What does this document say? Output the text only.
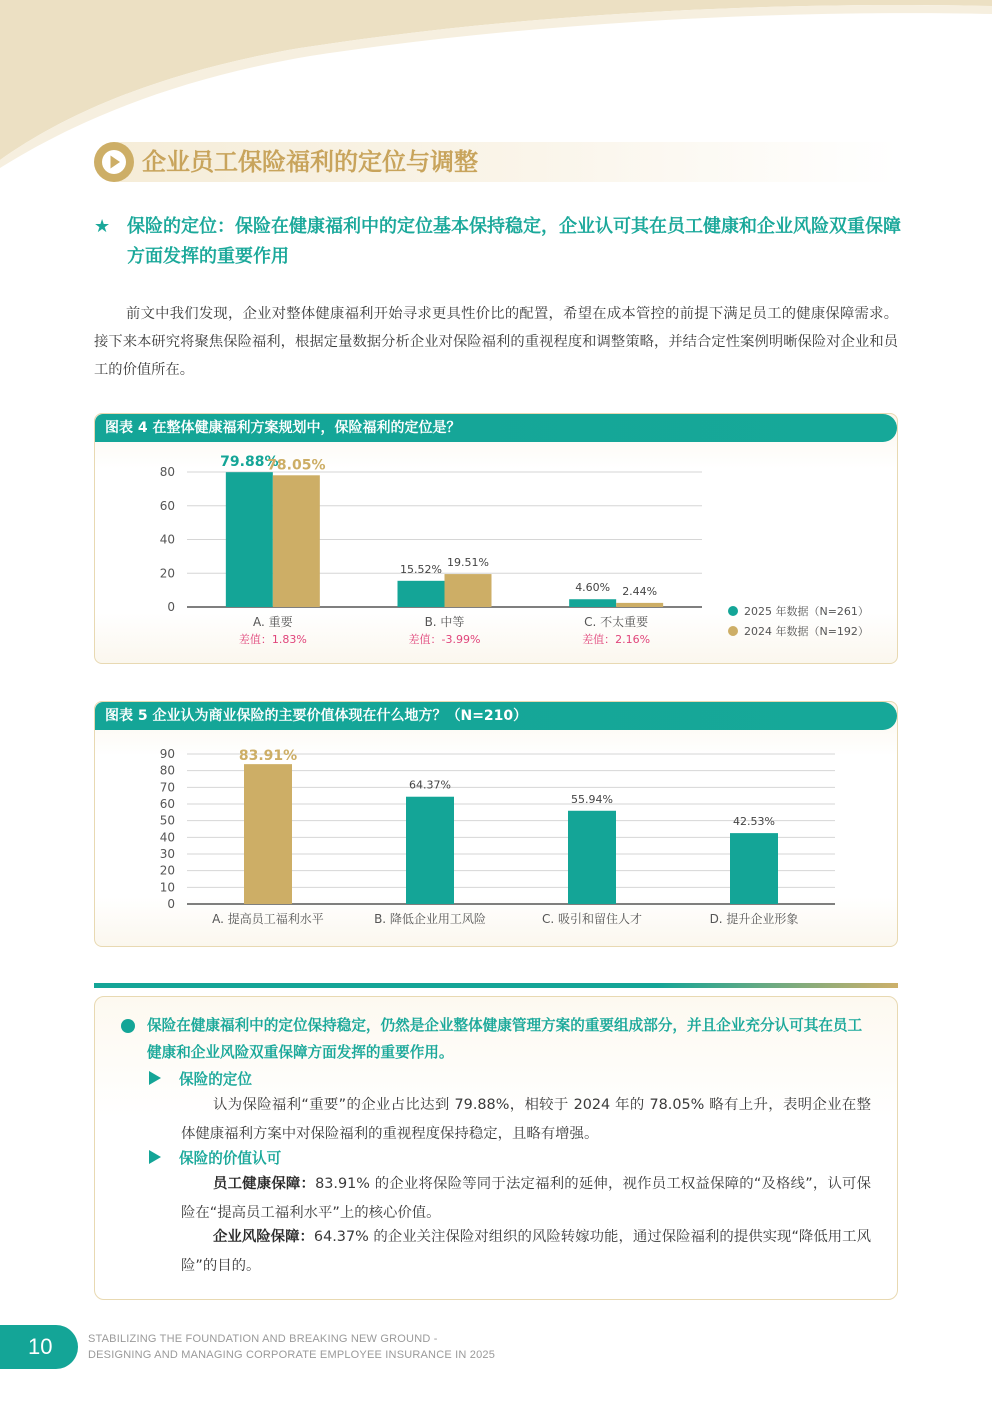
企业员工保险福利的定位与调整
★ 保险的定位：保险在健康福利中的定位基本保持稳定，企业认可其在员工健康和企业风险双重保障方面发挥的重要作用
前文中我们发现，企业对整体健康福利开始寻求更具性价比的配置，希望在成本管控的前提下满足员工的健康保障需求。接下来本研究将聚焦保险福利，根据定量数据分析企业对保险福利的重视程度和调整策略，并结合定性案例明晰保险对企业和员工的价值所在。
图表 4 在整体健康福利方案规划中，保险福利的定位是？
0
20
40
60
80
79.88%
78.05%
A. 重要
差值：1.83%
15.52%
19.51%
B. 中等
差值：-3.99%
4.60% 2.44%
C. 不太重要
差值：2.16%
2025 年数据（N=261）
2024 年数据（N=192）
图表 5 企业认为商业保险的主要价值体现在什么地方？（N=210）
0
10
20
30
40
50
60
70
80
90	83.91%
A. 提高员工福利水平
64.37%
B. 降低企业用工风险
55.94%
C. 吸引和留住人才
42.53%
D. 提升企业形象
保险在健康福利中的定位保持稳定，仍然是企业整体健康管理方案的重要组成部分，并且企业充分认可其在员工健康和企业风险双重保障方面发挥的重要作用。
保险的定位
认为保险福利“重要”的企业占比达到 79.88%，相较于 2024 年的 78.05% 略有上升，表明企业在整体健康福利方案中对保险福利的重视程度保持稳定，且略有增强。
保险的价值认可
员工健康保障：83.91% 的企业将保险等同于法定福利的延伸，视作员工权益保障的“及格线”，认可保险在“提高员工福利水平”上的核心价值。
企业风险保障：64.37% 的企业关注保险对组织的风险转嫁功能，通过保险福利的提供实现“降低用工风险”的目的。
10	STABILIZING THE FOUNDATION AND BREAKING NEW GROUND -
DESIGNING AND MANAGING CORPORATE EMPLOYEE INSURANCE IN 2025
